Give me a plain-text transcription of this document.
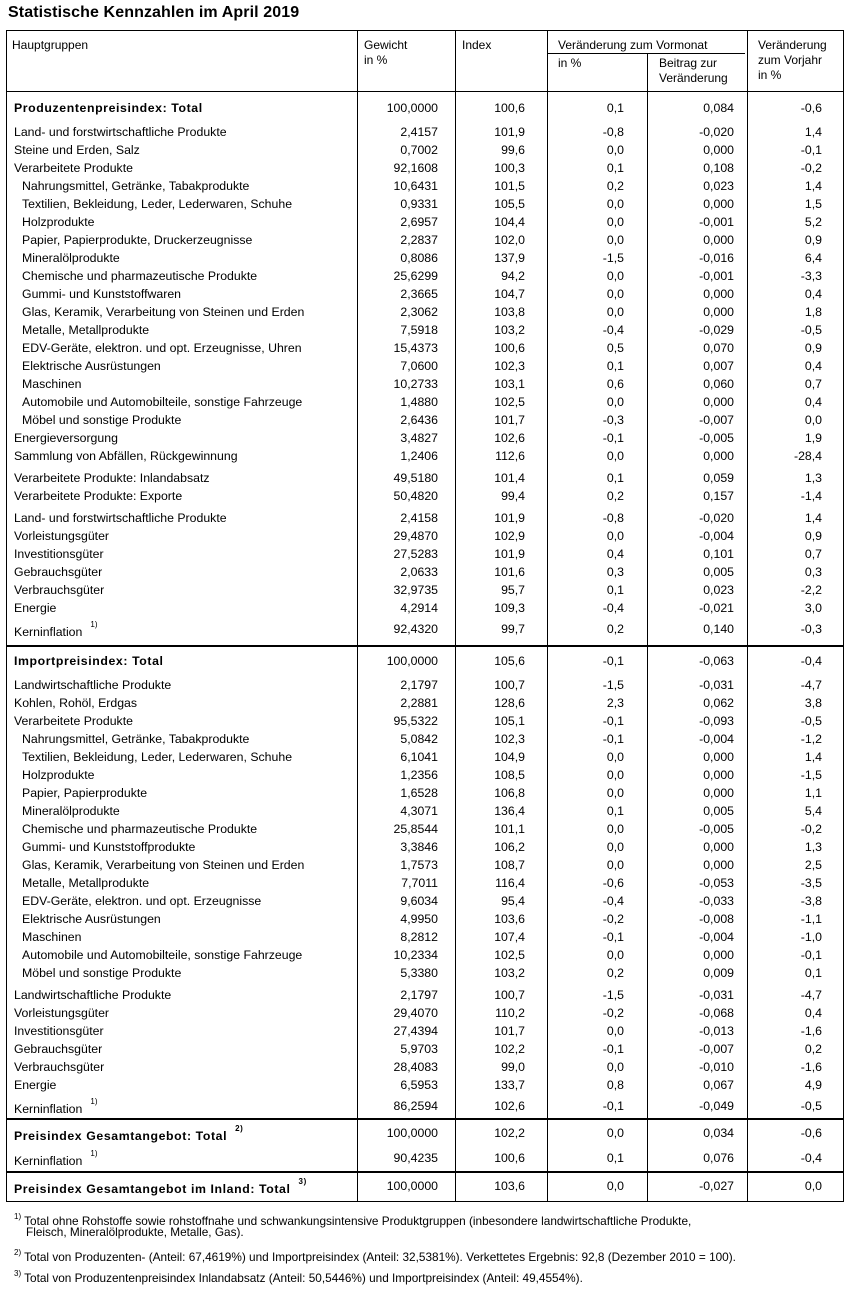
Statistische Kennzahlen im April 2019
Hauptgruppen	Gewicht
in %
Index	Veränderung zum Vormonat
in %	Beitrag zur
Veränderung
Veränderung
zum Vorjahr
in %
Produzentenpreisindex: Total	100,0000	100,6	0,1	0,084	-0,6
Land- und forstwirtschaftliche Produkte	2,4157	101,9	-0,8	-0,020	1,4
Steine und Erden, Salz	0,7002	99,6	0,0	0,000	-0,1
Verarbeitete Produkte	92,1608	100,3	0,1	0,108	-0,2
Nahrungsmittel, Getränke, Tabakprodukte	10,6431	101,5	0,2	0,023	1,4
Textilien, Bekleidung, Leder, Lederwaren, Schuhe	0,9331	105,5	0,0	0,000	1,5
Holzprodukte	2,6957	104,4	0,0	-0,001	5,2
Papier, Papierprodukte, Druckerzeugnisse	2,2837	102,0	0,0	0,000	0,9
Mineralölprodukte	0,8086	137,9	-1,5	-0,016	6,4
Chemische und pharmazeutische Produkte	25,6299	94,2	0,0	-0,001	-3,3
Gummi- und Kunststoffwaren	2,3665	104,7	0,0	0,000	0,4
Glas, Keramik, Verarbeitung von Steinen und Erden	2,3062	103,8	0,0	0,000	1,8
Metalle, Metallprodukte	7,5918	103,2	-0,4	-0,029	-0,5
EDV-Geräte, elektron. und opt. Erzeugnisse, Uhren	15,4373	100,6	0,5	0,070	0,9
Elektrische Ausrüstungen	7,0600	102,3	0,1	0,007	0,4
Maschinen	10,2733	103,1	0,6	0,060	0,7
Automobile und Automobilteile, sonstige Fahrzeuge	1,4880	102,5	0,0	0,000	0,4
Möbel und sonstige Produkte	2,6436	101,7	-0,3	-0,007	0,0
Energieversorgung	3,4827	102,6	-0,1	-0,005	1,9
Sammlung von Abfällen, Rückgewinnung	1,2406	112,6	0,0	0,000	-28,4
Verarbeitete Produkte: Inlandabsatz	49,5180	101,4	0,1	0,059	1,3
Verarbeitete Produkte: Exporte	50,4820	99,4	0,2	0,157	-1,4
Land- und forstwirtschaftliche Produkte	2,4158	101,9	-0,8	-0,020	1,4
Vorleistungsgüter	29,4870	102,9	0,0	-0,004	0,9
Investitionsgüter	27,5283	101,9	0,4	0,101	0,7
Gebrauchsgüter	2,0633	101,6	0,3	0,005	0,3
Verbrauchsgüter	32,9735	95,7	0,1	0,023	-2,2
Energie	4,2914	109,3	-0,4	-0,021	3,0
Kerninflation$^{1)}$	92,4320	99,7	0,2	0,140	-0,3
Importpreisindex: Total	100,0000	105,6	-0,1	-0,063	-0,4
Landwirtschaftliche Produkte	2,1797	100,7	-1,5	-0,031	-4,7
Kohlen, Rohöl, Erdgas	2,2881	128,6	2,3	0,062	3,8
Verarbeitete Produkte	95,5322	105,1	-0,1	-0,093	-0,5
Nahrungsmittel, Getränke, Tabakprodukte	5,0842	102,3	-0,1	-0,004	-1,2
Textilien, Bekleidung, Leder, Lederwaren, Schuhe	6,1041	104,9	0,0	0,000	1,4
Holzprodukte	1,2356	108,5	0,0	0,000	-1,5
Papier, Papierprodukte	1,6528	106,8	0,0	0,000	1,1
Mineralölprodukte	4,3071	136,4	0,1	0,005	5,4
Chemische und pharmazeutische Produkte	25,8544	101,1	0,0	-0,005	-0,2
Gummi- und Kunststoffprodukte	3,3846	106,2	0,0	0,000	1,3
Glas, Keramik, Verarbeitung von Steinen und Erden	1,7573	108,7	0,0	0,000	2,5
Metalle, Metallprodukte	7,7011	116,4	-0,6	-0,053	-3,5
EDV-Geräte, elektron. und opt. Erzeugnisse	9,6034	95,4	-0,4	-0,033	-3,8
Elektrische Ausrüstungen	4,9950	103,6	-0,2	-0,008	-1,1
Maschinen	8,2812	107,4	-0,1	-0,004	-1,0
Automobile und Automobilteile, sonstige Fahrzeuge	10,2334	102,5	0,0	0,000	-0,1
Möbel und sonstige Produkte	5,3380	103,2	0,2	0,009	0,1
Landwirtschaftliche Produkte	2,1797	100,7	-1,5	-0,031	-4,7
Vorleistungsgüter	29,4070	110,2	-0,2	-0,068	0,4
Investitionsgüter	27,4394	101,7	0,0	-0,013	-1,6
Gebrauchsgüter	5,9703	102,2	-0,1	-0,007	0,2
Verbrauchsgüter	28,4083	99,0	0,0	-0,010	-1,6
Energie	6,5953	133,7	0,8	0,067	4,9
Kerninflation$^{1)}$	86,2594	102,6	-0,1	-0,049	-0,5
Preisindex Gesamtangebot: Total$^{2)}$	100,0000	102,2	0,0	0,034	-0,6
Kerninflation$^{1)}$	90,4235	100,6	0,1	0,076	-0,4
Preisindex Gesamtangebot im Inland: Total$^{3)}$	100,0000	103,6	0,0	-0,027	0,0
$^{1)}$ Total ohne Rohstoffe sowie rohstoffnahe und schwankungsintensive Produktgruppen (inbesondere landwirtschaftliche Produkte,
Fleisch, Mineralölprodukte, Metalle, Gas).
$^{2)}$ Total von Produzenten- (Anteil: 67,4619%) und Importpreisindex (Anteil: 32,5381%). Verkettetes Ergebnis: 92,8 (Dezember 2010 = 100).
$^{3)}$ Total von Produzentenpreisindex Inlandabsatz (Anteil: 50,5446%) und Importpreisindex (Anteil: 49,4554%).
